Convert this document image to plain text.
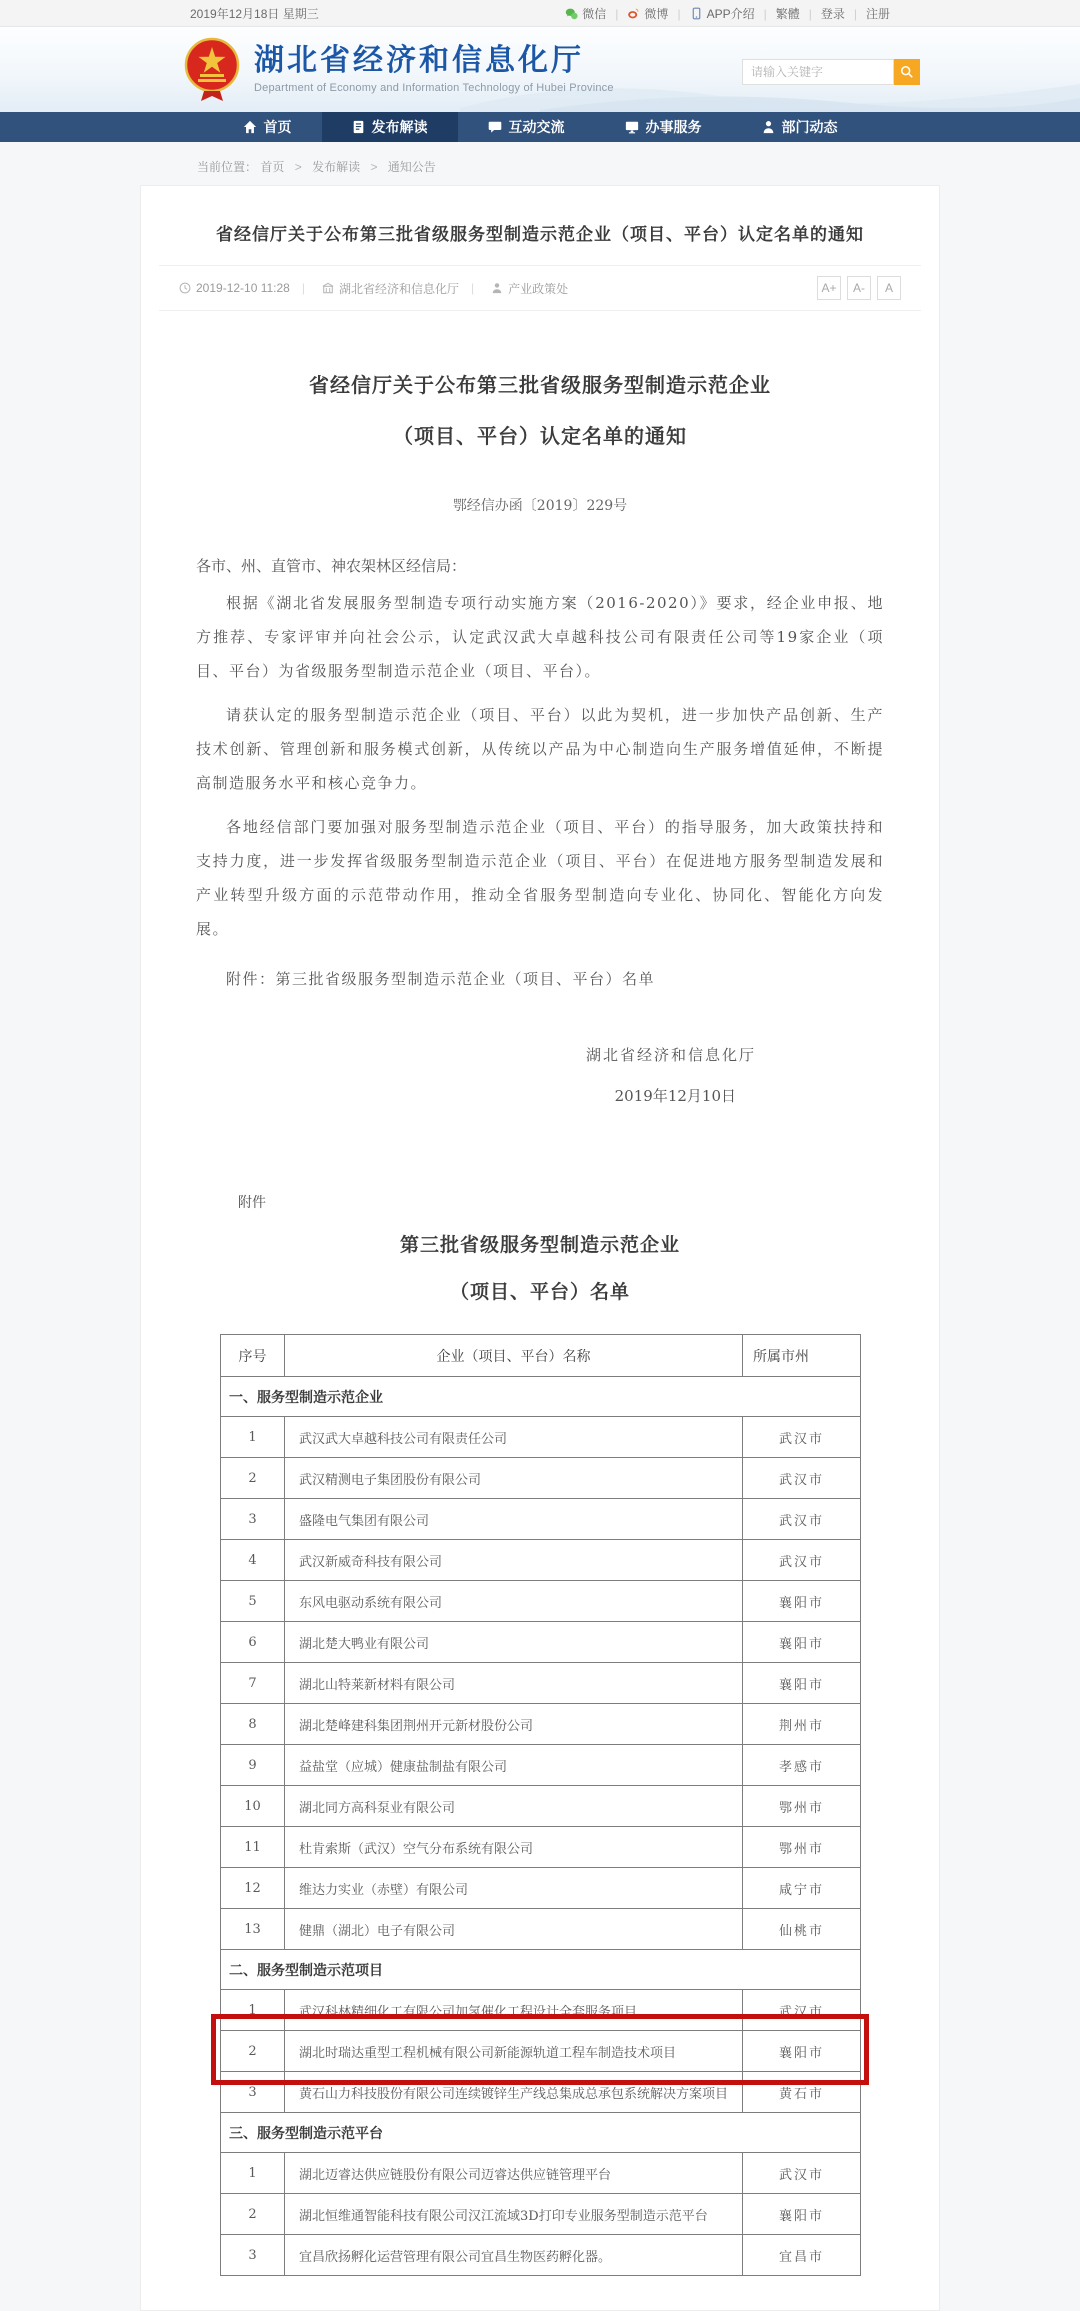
2019年12月18日 星期三	微信	| 微博	| APP介绍 | 繁體 | 登录 | 注册
湖北省经济和信息化厅
Department of Economy and Information Technology of Hubei Province
请输入关键字
首页	发布解读	互动交流	办事服务	部门动态
当前位置： 首页 > 发布解读 > 通知公告
省经信厅关于公布第三批省级服务型制造示范企业（项目、平台）认定名单的通知
2019-12-10 11:28	| 湖北省经济和信息化厅	| 产业政策处	A+	A-	A
省经信厅关于公布第三批省级服务型制造示范企业
（项目、平台）认定名单的通知
鄂经信办函〔2019〕229号
各市、州、直管市、神农架林区经信局：

根据《湖北省发展服务型制造专项行动实施方案（2016-2020）》要求，经企业申报、地方推荐、专家评审并向社会公示，认定武汉武大卓越科技公司有限责任公司等19家企业（项目、平台）为省级服务型制造示范企业（项目、平台）。

请获认定的服务型制造示范企业（项目、平台）以此为契机，进一步加快产品创新、生产技术创新、管理创新和服务模式创新，从传统以产品为中心制造向生产服务增值延伸，不断提高制造服务水平和核心竞争力。

各地经信部门要加强对服务型制造示范企业（项目、平台）的指导服务，加大政策扶持和支持力度，进一步发挥省级服务型制造示范企业（项目、平台）在促进地方服务型制造发展和产业转型升级方面的示范带动作用，推动全省服务型制造向专业化、协同化、智能化方向发展。

附件：第三批省级服务型制造示范企业（项目、平台）名单

湖北省经济和信息化厅
2019年12月10日
附件
第三批省级服务型制造示范企业
（项目、平台）名单
序号	企业（项目、平台）名称	所属市州
一、服务型制造示范企业		
1	武汉武大卓越科技公司有限责任公司	武汉市
2	武汉精测电子集团股份有限公司	武汉市
3	盛隆电气集团有限公司	武汉市
4	武汉新威奇科技有限公司	武汉市
5	东风电驱动系统有限公司	襄阳市
6	湖北楚大鸭业有限公司	襄阳市
7	湖北山特莱新材料有限公司	襄阳市
8	湖北楚峰建科集团荆州开元新材股份公司	荆州市
9	益盐堂（应城）健康盐制盐有限公司	孝感市
10	湖北同方高科泵业有限公司	鄂州市
11	杜肯索斯（武汉）空气分布系统有限公司	鄂州市
12	维达力实业（赤壁）有限公司	咸宁市
13	健鼎（湖北）电子有限公司	仙桃市
二、服务型制造示范项目		
1	武汉科林精细化工有限公司加氢催化工程设计全套服务项目	武汉市
2	湖北时瑞达重型工程机械有限公司新能源轨道工程车制造技术项目	襄阳市
3	黄石山力科技股份有限公司连续镀锌生产线总集成总承包系统解决方案项目	黄石市
三、服务型制造示范平台		
1	湖北迈睿达供应链股份有限公司迈睿达供应链管理平台	武汉市
2	湖北恒维通智能科技有限公司汉江流域3D打印专业服务型制造示范平台	襄阳市
3	宜昌欣扬孵化运营管理有限公司宜昌生物医药孵化器。	宜昌市
